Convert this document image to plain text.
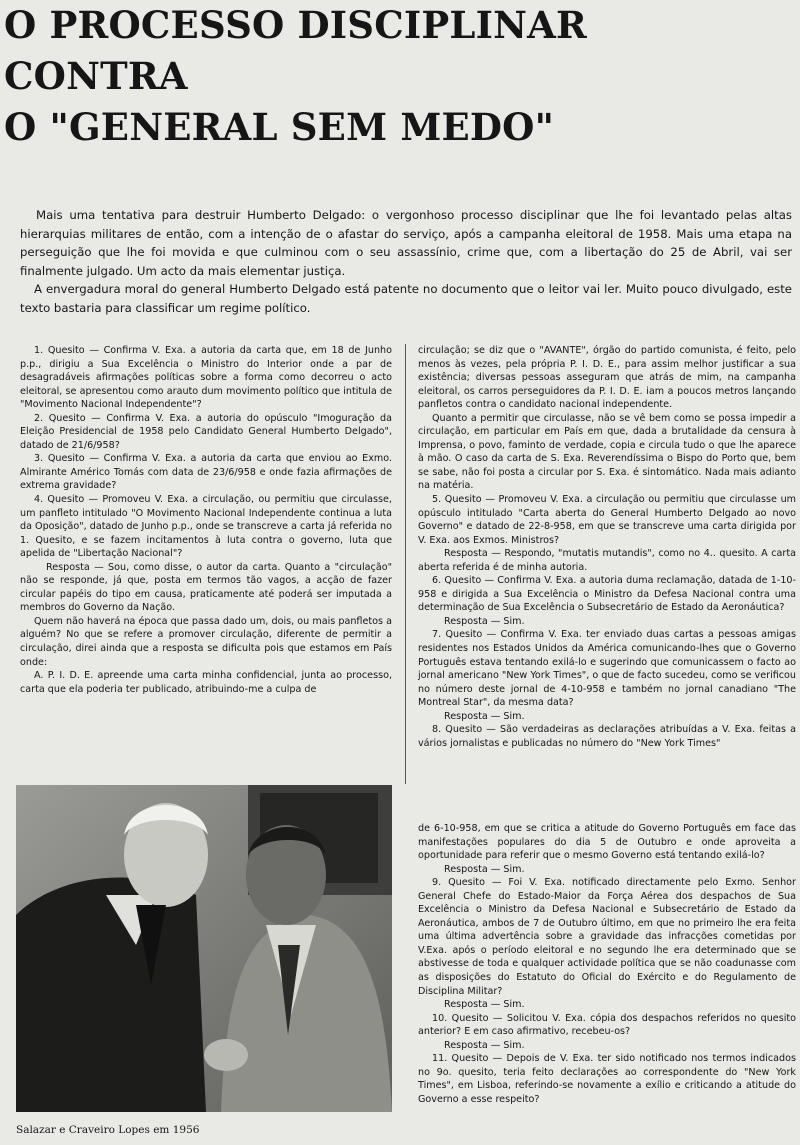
O PROCESSO DISCIPLINAR
CONTRA
O "GENERAL SEM MEDO"

Mais uma tentativa para destruir Humberto Delgado: o vergonhoso processo disciplinar que lhe foi levantado pelas altas hierarquias militares de então, com a intenção de o afastar do serviço, após a campanha eleitoral de 1958. Mais uma etapa na perseguição que lhe foi movida e que culminou com o seu assassínio, crime que, com a libertação do 25 de Abril, vai ser finalmente julgado. Um acto da mais elementar justiça.

A envergadura moral do general Humberto Delgado está patente no documento que o leitor vai ler. Muito pouco divulgado, este texto bastaria para classificar um regime político.

1. Quesito — Confirma V. Exa. a autoria da carta que, em 18 de Junho p.p., dirigiu a Sua Excelência o Ministro do Interior onde a par de desagradáveis afirmações políticas sobre a forma como decorreu o acto eleitoral, se apresentou como arauto dum movimento político que intitula de "Movimento Nacional Independente"?

2. Quesito — Confirma V. Exa. a autoria do opúsculo "Imoguração da Eleição Presidencial de 1958 pelo Candidato General Humberto Delgado", datado de 21/6/958?

3. Quesito — Confirma V. Exa. a autoria da carta que enviou ao Exmo. Almirante Américo Tomás com data de 23/6/958 e onde fazia afirmações de extrema gravidade?

4. Quesito — Promoveu V. Exa. a circulação, ou permitiu que circulasse, um panfleto intitulado "O Movimento Nacional Independente continua a luta da Oposição", datado de Junho p.p., onde se transcreve a carta já referida no 1. Quesito, e se fazem incitamentos à luta contra o governo, luta que apelida de "Libertação Nacional"?

Resposta — Sou, como disse, o autor da carta. Quanto a "circulação" não se responde, já que, posta em termos tão vagos, a acção de fazer circular papéis do tipo em causa, praticamente até poderá ser imputada a membros do Governo da Nação.

Quem não haverá na época que passa dado um, dois, ou mais panfletos a alguém? No que se refere a promover circulação, diferente de permitir a circulação, direi ainda que a resposta se dificulta pois que estamos em País onde:

A. P. I. D. E. apreende uma carta minha confidencial, junta ao processo, carta que ela poderia ter publicado, atribuindo-me a culpa de

circulação; se diz que o "AVANTE", órgão do partido comunista, é feito, pelo menos às vezes, pela própria P. I. D. E., para assim melhor justificar a sua existência; diversas pessoas asseguram que atrás de mim, na campanha eleitoral, os carros perseguidores da P. I. D. E. iam a poucos metros lançando panfletos contra o candidato nacional independente.

Quanto a permitir que circulasse, não se vê bem como se possa impedir a circulação, em particular em País em que, dada a brutalidade da censura à Imprensa, o povo, faminto de verdade, copia e circula tudo o que lhe aparece à mão. O caso da carta de S. Exa. Reverendíssima o Bispo do Porto que, bem se sabe, não foi posta a circular por S. Exa. é sintomático. Nada mais adianto na matéria.

5. Quesito — Promoveu V. Exa. a circulação ou permitiu que circulasse um opúsculo intitulado "Carta aberta do General Humberto Delgado ao novo Governo" e datado de 22-8-958, em que se transcreve uma carta dirigida por V. Exa. aos Exmos. Ministros?

Resposta — Respondo, "mutatis mutandis", como no 4.. quesito. A carta aberta referida é de minha autoria.

6. Quesito — Confirma V. Exa. a autoria duma reclamação, datada de 1-10-958 e dirigida a Sua Excelência o Ministro da Defesa Nacional contra uma determinação de Sua Excelência o Subsecretário de Estado da Aeronáutica?

Resposta — Sim.

7. Quesito — Confirma V. Exa. ter enviado duas cartas a pessoas amigas residentes nos Estados Unidos da América comunicando-lhes que o Governo Português estava tentando exilá-lo e sugerindo que comunicassem o facto ao jornal americano "New York Times", o que de facto sucedeu, como se verificou no número deste jornal de 4-10-958 e também no jornal canadiano "The Montreal Star", da mesma data?

Resposta — Sim.

8. Quesito — São verdadeiras as declarações atribuídas a V. Exa. feitas a vários jornalistas e publicadas no número do "New York Times"

de 6-10-958, em que se critica a atitude do Governo Português em face das manifestações populares do dia 5 de Outubro e onde aproveita a oportunidade para referir que o mesmo Governo está tentando exilá-lo?

Resposta — Sim.

9. Quesito — Foi V. Exa. notificado directamente pelo Exmo. Senhor General Chefe do Estado-Maior da Força Aérea dos despachos de Sua Excelência o Ministro da Defesa Nacional e Subsecretário de Estado da Aeronáutica, ambos de 7 de Outubro último, em que no primeiro lhe era feita uma última advertência sobre a gravidade das infracções cometidas por V.Exa. após o período eleitoral e no segundo lhe era determinado que se abstivesse de toda e qualquer actividade política que se não coadunasse com as disposições do Estatuto do Oficial do Exército e do Regulamento de Disciplina Militar?

Resposta — Sim.

10. Quesito — Solicitou V. Exa. cópia dos despachos referidos no quesito anterior? E em caso afirmativo, recebeu-os?

Resposta — Sim.

11. Quesito — Depois de V. Exa. ter sido notificado nos termos indicados no 9o. quesito, teria feito declarações ao correspondente do "New York Times", em Lisboa, referindo-se novamente a exílio e criticando a atitude do Governo a esse respeito?

Salazar e Craveiro Lopes em 1956
